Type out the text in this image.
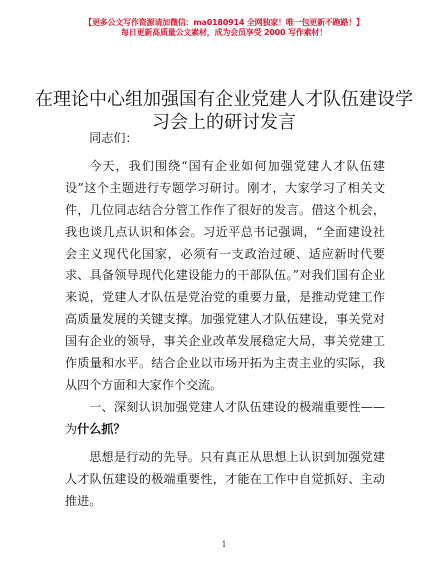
【更多公文写作资源请加微信：ma0180914 全网独家！唯一包更新不跑路！】
每日更新高质量公文素材，成为会员享受 2000 写作素材！
在理论中心组加强国有企业党建人才队伍建设学习会上的研讨发言

同志们：

今天，我们围绕“国有企业如何加强党建人才队伍建设”这个主题进行专题学习研讨。刚才，大家学习了相关文件，几位同志结合分管工作作了很好的发言。借这个机会，我也谈几点认识和体会。习近平总书记强调，“全面建设社会主义现代化国家，必须有一支政治过硬、适应新时代要求、具备领导现代化建设能力的干部队伍。”对我们国有企业来说，党建人才队伍是党治党的重要力量，是推动党建工作高质量发展的关键支撑。加强党建人才队伍建设，事关党对国有企业的领导，事关企业改革发展稳定大局，事关党建工作质量和水平。结合企业以市场开拓为主责主业的实际，我从四个方面和大家作个交流。

一、深刻认识加强党建人才队伍建设的极端重要性——为什么抓？

思想是行动的先导。只有真正从思想上认识到加强党建人才队伍建设的极端重要性，才能在工作中自觉抓好、主动推进。

1
